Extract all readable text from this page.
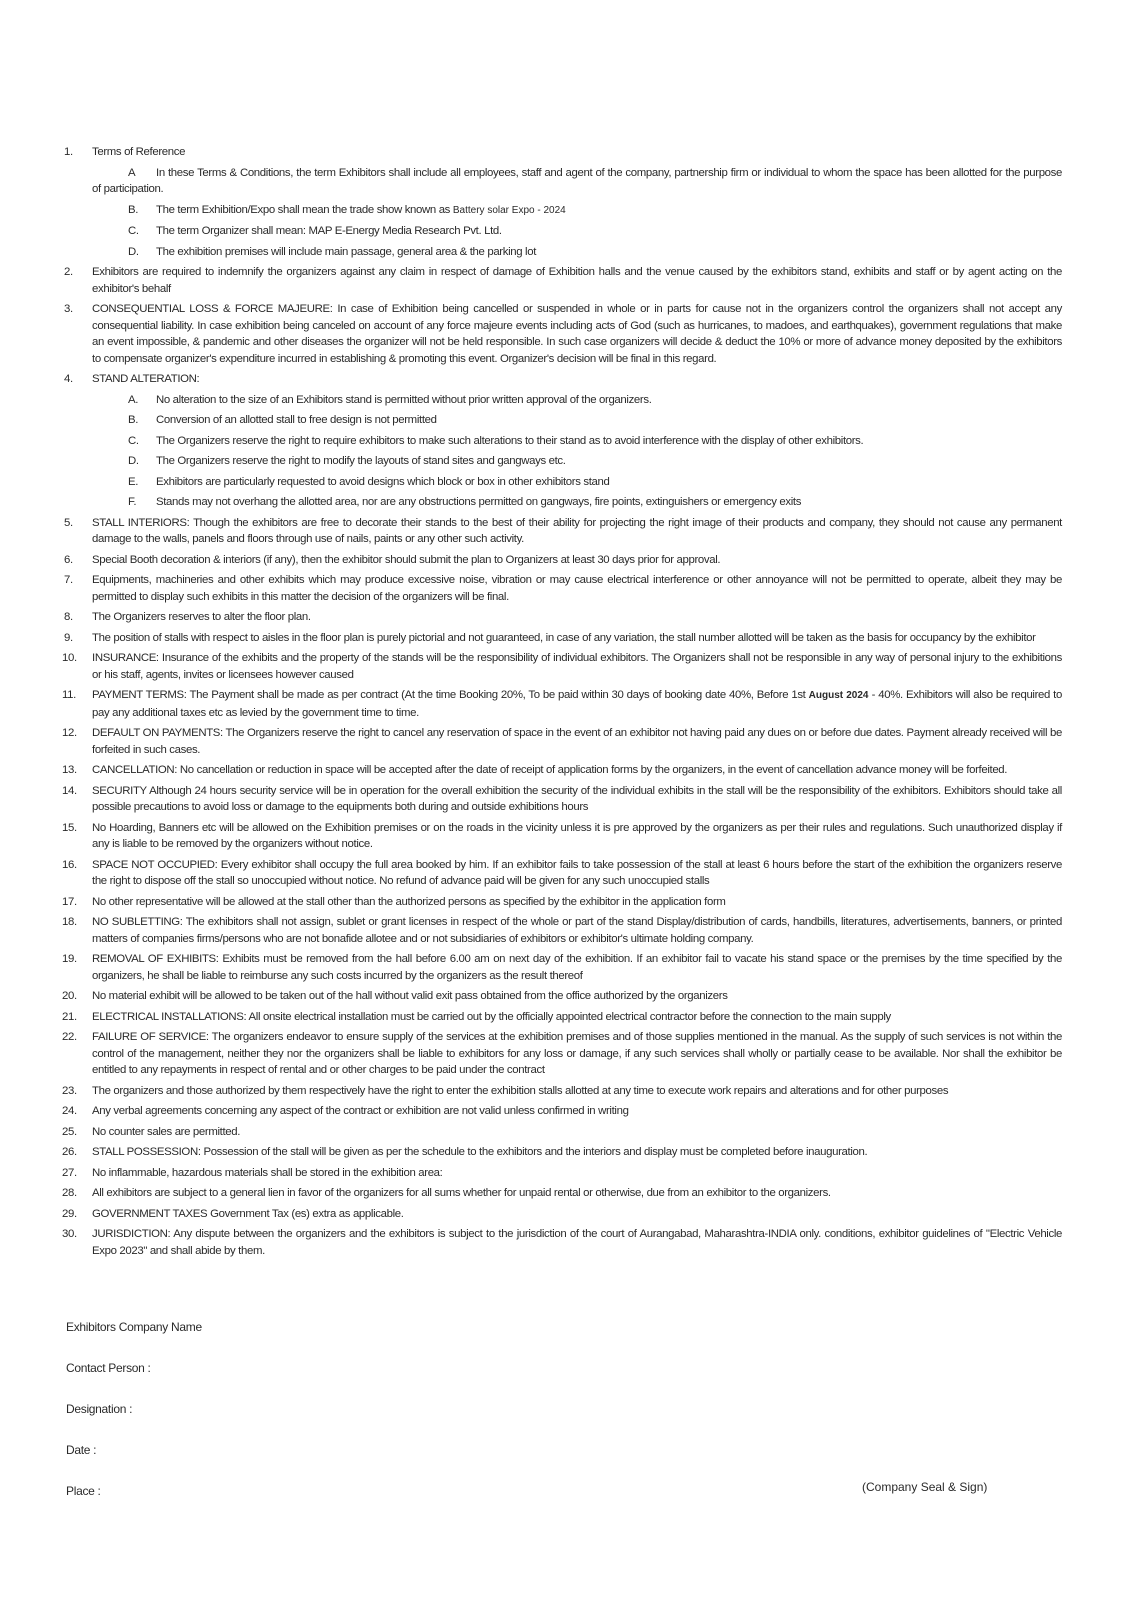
1. Terms of Reference
A In these Terms & Conditions, the term Exhibitors shall include all employees, staff and agent of the company, partnership firm or individual to whom the space has been allotted for the purpose of participation.
B. The term Exhibition/Expo shall mean the trade show known as Battery solar Expo - 2024
C. The term Organizer shall mean: MAP E-Energy Media Research Pvt. Ltd.
D. The exhibition premises will include main passage, general area & the parking lot
2. Exhibitors are required to indemnify the organizers against any claim in respect of damage of Exhibition halls and the venue caused by the exhibitors stand, exhibits and staff or by agent acting on the exhibitor's behalf
3. CONSEQUENTIAL LOSS & FORCE MAJEURE: In case of Exhibition being cancelled or suspended in whole or in parts for cause not in the organizers control the organizers shall not accept any consequential liability. In case exhibition being canceled on account of any force majeure events including acts of God (such as hurricanes, to madoes, and earthquakes), government regulations that make an event impossible, & pandemic and other diseases the organizer will not be held responsible. In such case organizers will decide & deduct the 10% or more of advance money deposited by the exhibitors to compensate organizer's expenditure incurred in establishing & promoting this event. Organizer's decision will be final in this regard.
4. STAND ALTERATION:
A. No alteration to the size of an Exhibitors stand is permitted without prior written approval of the organizers.
B. Conversion of an allotted stall to free design is not permitted
C. The Organizers reserve the right to require exhibitors to make such alterations to their stand as to avoid interference with the display of other exhibitors.
D. The Organizers reserve the right to modify the layouts of stand sites and gangways etc.
E. Exhibitors are particularly requested to avoid designs which block or box in other exhibitors stand
F. Stands may not overhang the allotted area, nor are any obstructions permitted on gangways, fire points, extinguishers or emergency exits
5. STALL INTERIORS: Though the exhibitors are free to decorate their stands to the best of their ability for projecting the right image of their products and company, they should not cause any permanent damage to the walls, panels and floors through use of nails, paints or any other such activity.
6. Special Booth decoration & interiors (if any), then the exhibitor should submit the plan to Organizers at least 30 days prior for approval.
7. Equipments, machineries and other exhibits which may produce excessive noise, vibration or may cause electrical interference or other annoyance will not be permitted to operate, albeit they may be permitted to display such exhibits in this matter the decision of the organizers will be final.
8. The Organizers reserves to alter the floor plan.
9. The position of stalls with respect to aisles in the floor plan is purely pictorial and not guaranteed, in case of any variation, the stall number allotted will be taken as the basis for occupancy by the exhibitor
10. INSURANCE: Insurance of the exhibits and the property of the stands will be the responsibility of individual exhibitors. The Organizers shall not be responsible in any way of personal injury to the exhibitions or his staff, agents, invites or licensees however caused
11. PAYMENT TERMS: The Payment shall be made as per contract (At the time Booking 20%, To be paid within 30 days of booking date 40%, Before 1st August 2024 - 40%. Exhibitors will also be required to pay any additional taxes etc as levied by the government time to time.
12. DEFAULT ON PAYMENTS: The Organizers reserve the right to cancel any reservation of space in the event of an exhibitor not having paid any dues on or before due dates. Payment already received will be forfeited in such cases.
13. CANCELLATION: No cancellation or reduction in space will be accepted after the date of receipt of application forms by the organizers, in the event of cancellation advance money will be forfeited.
14. SECURITY Although 24 hours security service will be in operation for the overall exhibition the security of the individual exhibits in the stall will be the responsibility of the exhibitors. Exhibitors should take all possible precautions to avoid loss or damage to the equipments both during and outside exhibitions hours
15. No Hoarding, Banners etc will be allowed on the Exhibition premises or on the roads in the vicinity unless it is pre approved by the organizers as per their rules and regulations. Such unauthorized display if any is liable to be removed by the organizers without notice.
16. SPACE NOT OCCUPIED: Every exhibitor shall occupy the full area booked by him. If an exhibitor fails to take possession of the stall at least 6 hours before the start of the exhibition the organizers reserve the right to dispose off the stall so unoccupied without notice. No refund of advance paid will be given for any such unoccupied stalls
17. No other representative will be allowed at the stall other than the authorized persons as specified by the exhibitor in the application form
18. NO SUBLETTING: The exhibitors shall not assign, sublet or grant licenses in respect of the whole or part of the stand Display/distribution of cards, handbills, literatures, advertisements, banners, or printed matters of companies firms/persons who are not bonafide allotee and or not subsidiaries of exhibitors or exhibitor's ultimate holding company.
19. REMOVAL OF EXHIBITS: Exhibits must be removed from the hall before 6.00 am on next day of the exhibition. If an exhibitor fail to vacate his stand space or the premises by the time specified by the organizers, he shall be liable to reimburse any such costs incurred by the organizers as the result thereof
20. No material exhibit will be allowed to be taken out of the hall without valid exit pass obtained from the office authorized by the organizers
21. ELECTRICAL INSTALLATIONS: All onsite electrical installation must be carried out by the officially appointed electrical contractor before the connection to the main supply
22. FAILURE OF SERVICE: The organizers endeavor to ensure supply of the services at the exhibition premises and of those supplies mentioned in the manual. As the supply of such services is not within the control of the management, neither they nor the organizers shall be liable to exhibitors for any loss or damage, if any such services shall wholly or partially cease to be available. Nor shall the exhibitor be entitled to any repayments in respect of rental and or other charges to be paid under the contract
23. The organizers and those authorized by them respectively have the right to enter the exhibition stalls allotted at any time to execute work repairs and alterations and for other purposes
24. Any verbal agreements concerning any aspect of the contract or exhibition are not valid unless confirmed in writing
25. No counter sales are permitted.
26. STALL POSSESSION: Possession of the stall will be given as per the schedule to the exhibitors and the interiors and display must be completed before inauguration.
27. No inflammable, hazardous materials shall be stored in the exhibition area:
28. All exhibitors are subject to a general lien in favor of the organizers for all sums whether for unpaid rental or otherwise, due from an exhibitor to the organizers.
29. GOVERNMENT TAXES Government Tax (es) extra as applicable.
30. JURISDICTION: Any dispute between the organizers and the exhibitors is subject to the jurisdiction of the court of Aurangabad, Maharashtra-INDIA only. conditions, exhibitor guidelines of "Electric Vehicle Expo 2023" and shall abide by them.
Exhibitors Company Name
Contact Person :
Designation :
Date :
Place :	(Company Seal & Sign)
